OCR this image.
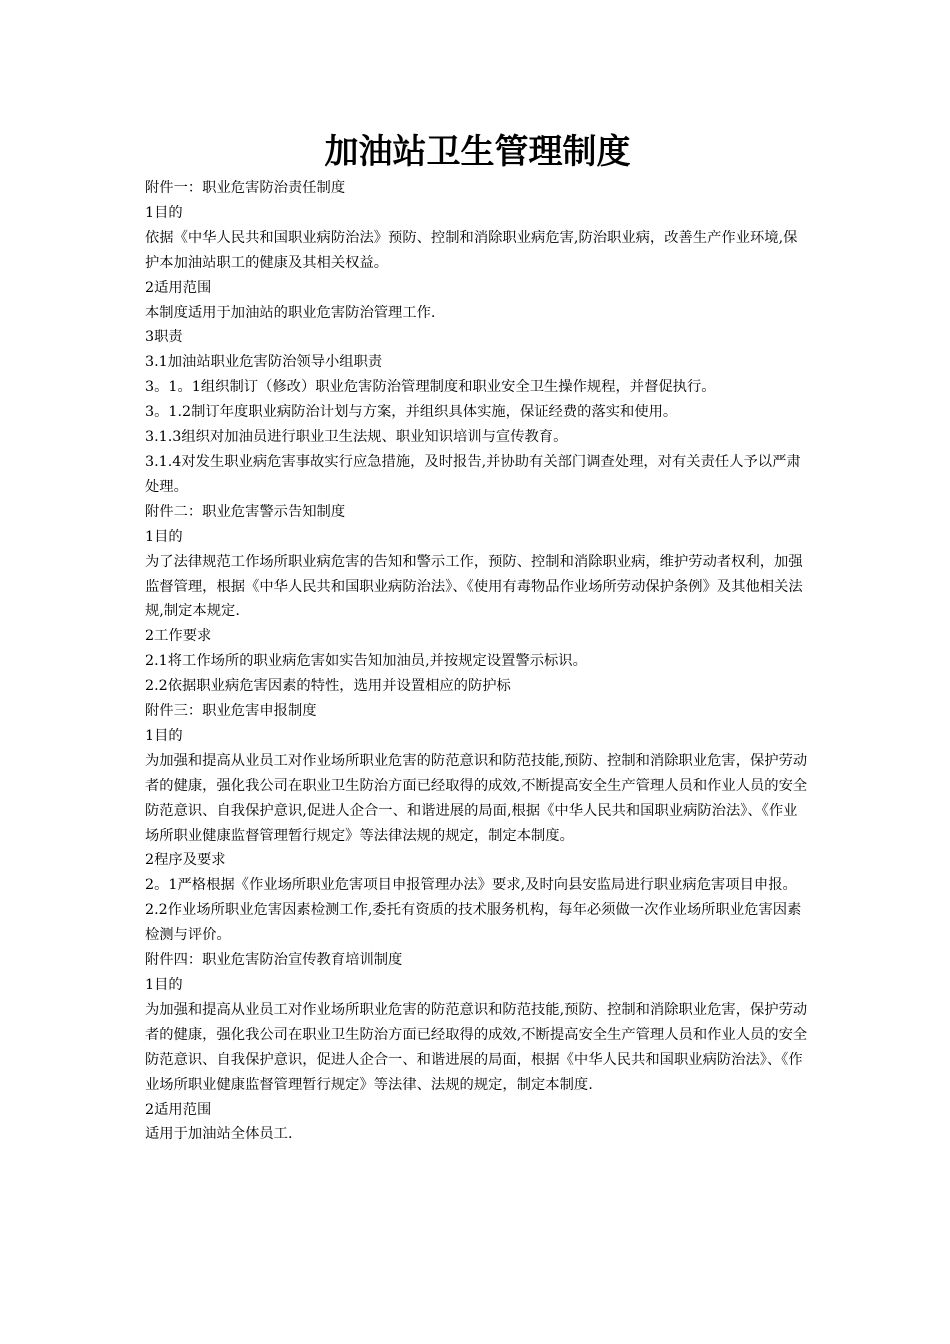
加油站卫生管理制度

附件一：职业危害防治责任制度

1目的

依据《中华人民共和国职业病防治法》预防、控制和消除职业病危害,防治职业病，改善生产作业环境,保护本加油站职工的健康及其相关权益。

2适用范围

本制度适用于加油站的职业危害防治管理工作.

3职责

3.1加油站职业危害防治领导小组职责

3。1。1组织制订（修改）职业危害防治管理制度和职业安全卫生操作规程，并督促执行。

3。1.2制订年度职业病防治计划与方案，并组织具体实施，保证经费的落实和使用。

3.1.3组织对加油员进行职业卫生法规、职业知识培训与宣传教育。

3.1.4对发生职业病危害事故实行应急措施，及时报告,并协助有关部门调查处理，对有关责任人予以严肃处理。

附件二：职业危害警示告知制度

1目的

为了法律规范工作场所职业病危害的告知和警示工作，预防、控制和消除职业病，维护劳动者权利，加强监督管理，根据《中华人民共和国职业病防治法》、《使用有毒物品作业场所劳动保护条例》及其他相关法规,制定本规定.

2工作要求

2.1将工作场所的职业病危害如实告知加油员,并按规定设置警示标识。

2.2依据职业病危害因素的特性，选用并设置相应的防护标

附件三：职业危害申报制度

1目的

为加强和提高从业员工对作业场所职业危害的防范意识和防范技能,预防、控制和消除职业危害，保护劳动者的健康，强化我公司在职业卫生防治方面已经取得的成效,不断提高安全生产管理人员和作业人员的安全防范意识、自我保护意识,促进人企合一、和谐进展的局面,根据《中华人民共和国职业病防治法》、《作业场所职业健康监督管理暂行规定》等法律法规的规定，制定本制度。

2程序及要求

2。1严格根据《作业场所职业危害项目申报管理办法》要求,及时向县安监局进行职业病危害项目申报。

2.2作业场所职业危害因素检测工作,委托有资质的技术服务机构，每年必须做一次作业场所职业危害因素检测与评价。

附件四：职业危害防治宣传教育培训制度

1目的

为加强和提高从业员工对作业场所职业危害的防范意识和防范技能,预防、控制和消除职业危害，保护劳动者的健康，强化我公司在职业卫生防治方面已经取得的成效,不断提高安全生产管理人员和作业人员的安全防范意识、自我保护意识，促进人企合一、和谐进展的局面，根据《中华人民共和国职业病防治法》、《作业场所职业健康监督管理暂行规定》等法律、法规的规定，制定本制度.

2适用范围

适用于加油站全体员工.
